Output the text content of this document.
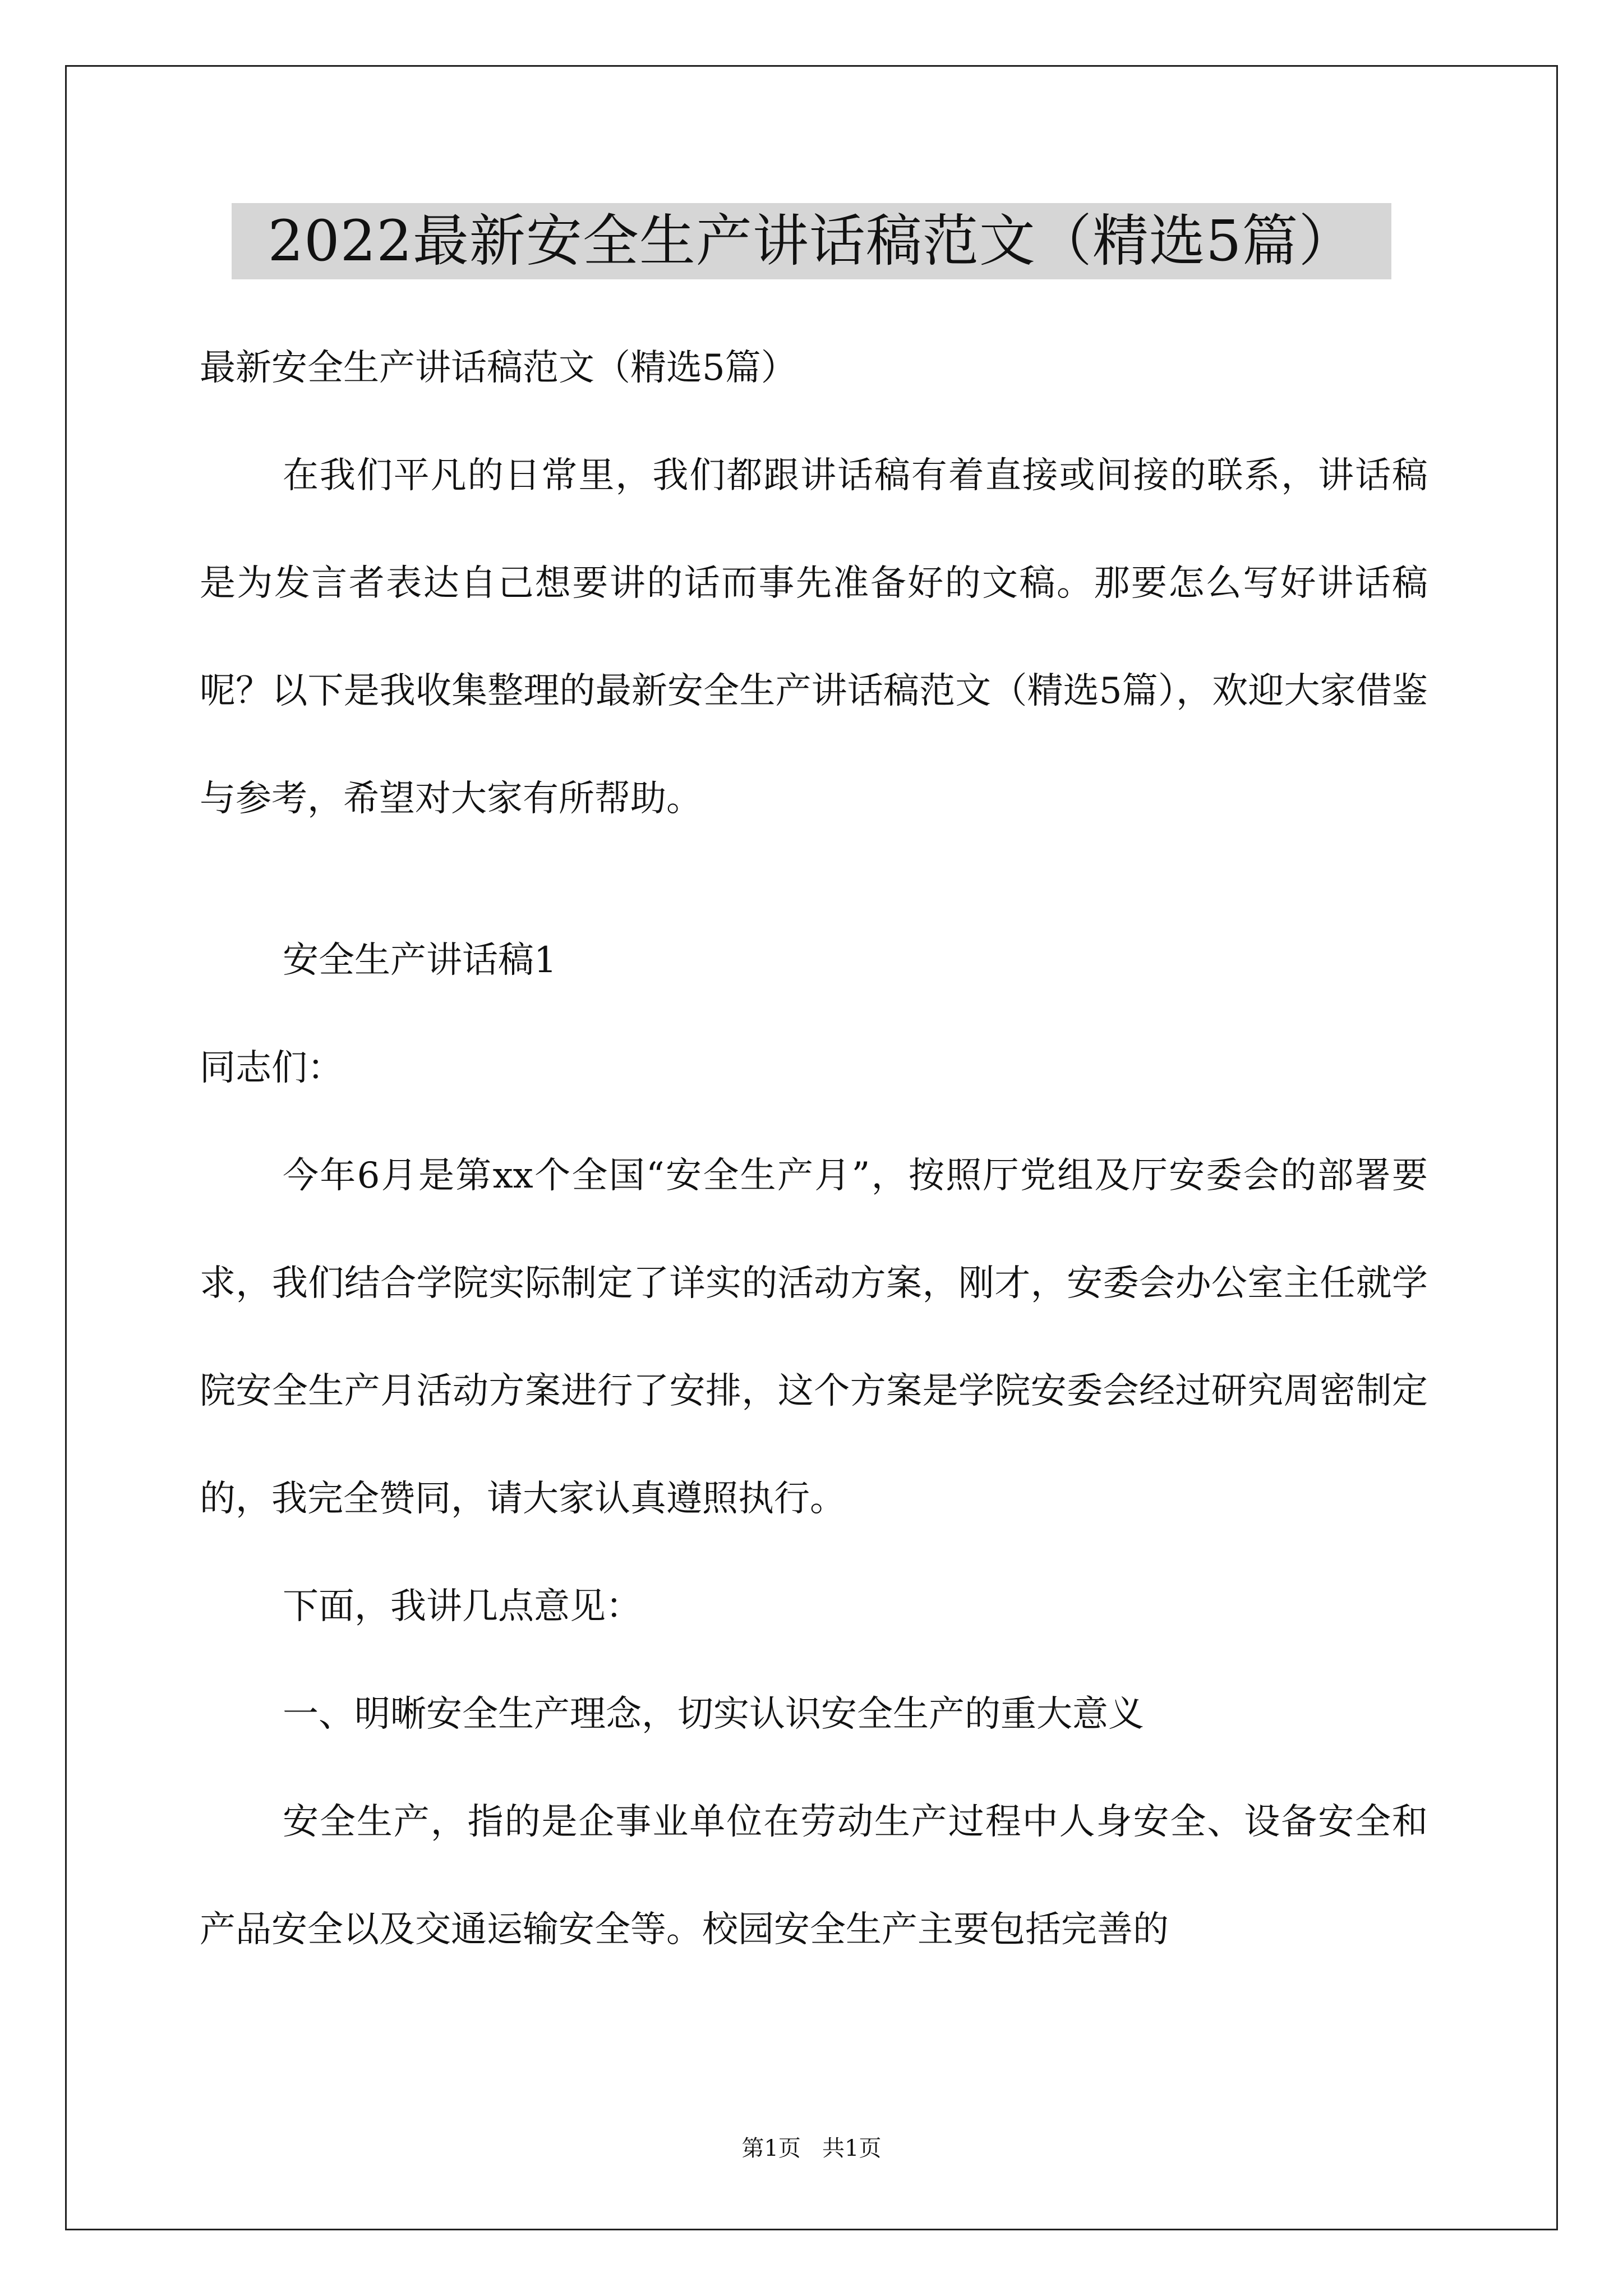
2022最新安全生产讲话稿范文（精选5篇）

最新安全生产讲话稿范文（精选5篇）

在我们平凡的日常里，我们都跟讲话稿有着直接或间接的联系，讲话稿是为发言者表达自己想要讲的话而事先准备好的文稿。那要怎么写好讲话稿呢？以下是我收集整理的最新安全生产讲话稿范文（精选5篇），欢迎大家借鉴与参考，希望对大家有所帮助。

安全生产讲话稿1

同志们：

今年6月是第xx个全国“安全生产月”，按照厅党组及厅安委会的部署要求，我们结合学院实际制定了详实的活动方案，刚才，安委会办公室主任就学院安全生产月活动方案进行了安排，这个方案是学院安委会经过研究周密制定的，我完全赞同，请大家认真遵照执行。

下面，我讲几点意见：

一、明晰安全生产理念，切实认识安全生产的重大意义

安全生产，指的是企事业单位在劳动生产过程中人身安全、设备安全和产品安全以及交通运输安全等。校园安全生产主要包括完善的

第1页   共1页
